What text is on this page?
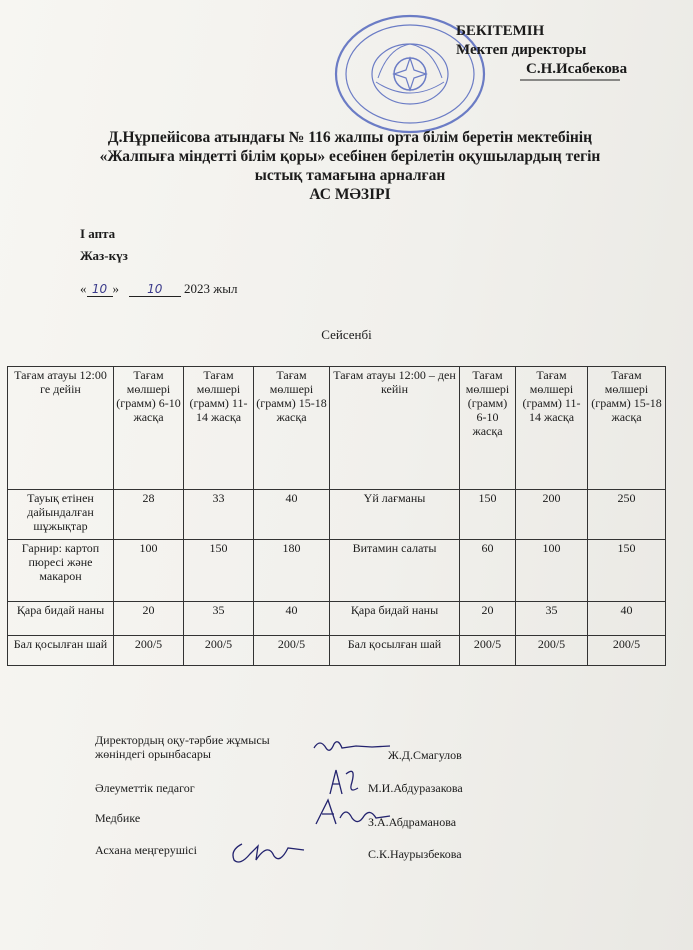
БЕКІТЕМІН
Мектеп директоры
С.Н.Исабекова
Д.Нұрпейісова атындағы № 116 жалпы орта білім беретін мектебінің
«Жалпыға міндетті білім қоры» есебінен берілетін оқушылардың тегін
ыстық тамағына арналған
АС МӘЗІРІ
I апта
Жаз-күз
« 10 » 10 2023 жыл
Сейсенбі
Тағам атауы 12:00 ге дейін	Тағам мөлшері (грамм) 6-10 жасқа	Тағам мөлшері (грамм) 11-14 жасқа	Тағам мөлшері (грамм) 15-18 жасқа	Тағам атауы 12:00 – ден кейін	Тағам мөлшері (грамм) 6-10 жасқа	Тағам мөлшері (грамм) 11-14 жасқа	Тағам мөлшері (грамм) 15-18 жасқа
Тауық етінен дайындалған шұжықтар	28	33	40	Үй лағманы	150	200	250
Гарнир: картоп пюресі және макарон	100	150	180	Витамин салаты	60	100	150
Қара бидай наны	20	35	40	Қара бидай наны	20	35	40
Бал қосылған шай	200/5	200/5	200/5	Бал қосылған шай	200/5	200/5	200/5
Директордың оқу-тәрбие жұмысы жөніндегі орынбасары	Ж.Д.Смагулов
Әлеуметтік педагог	М.И.Абдуразакова
Медбике	З.А.Абдраманова
Асхана меңгерушісі	С.К.Наурызбекова
